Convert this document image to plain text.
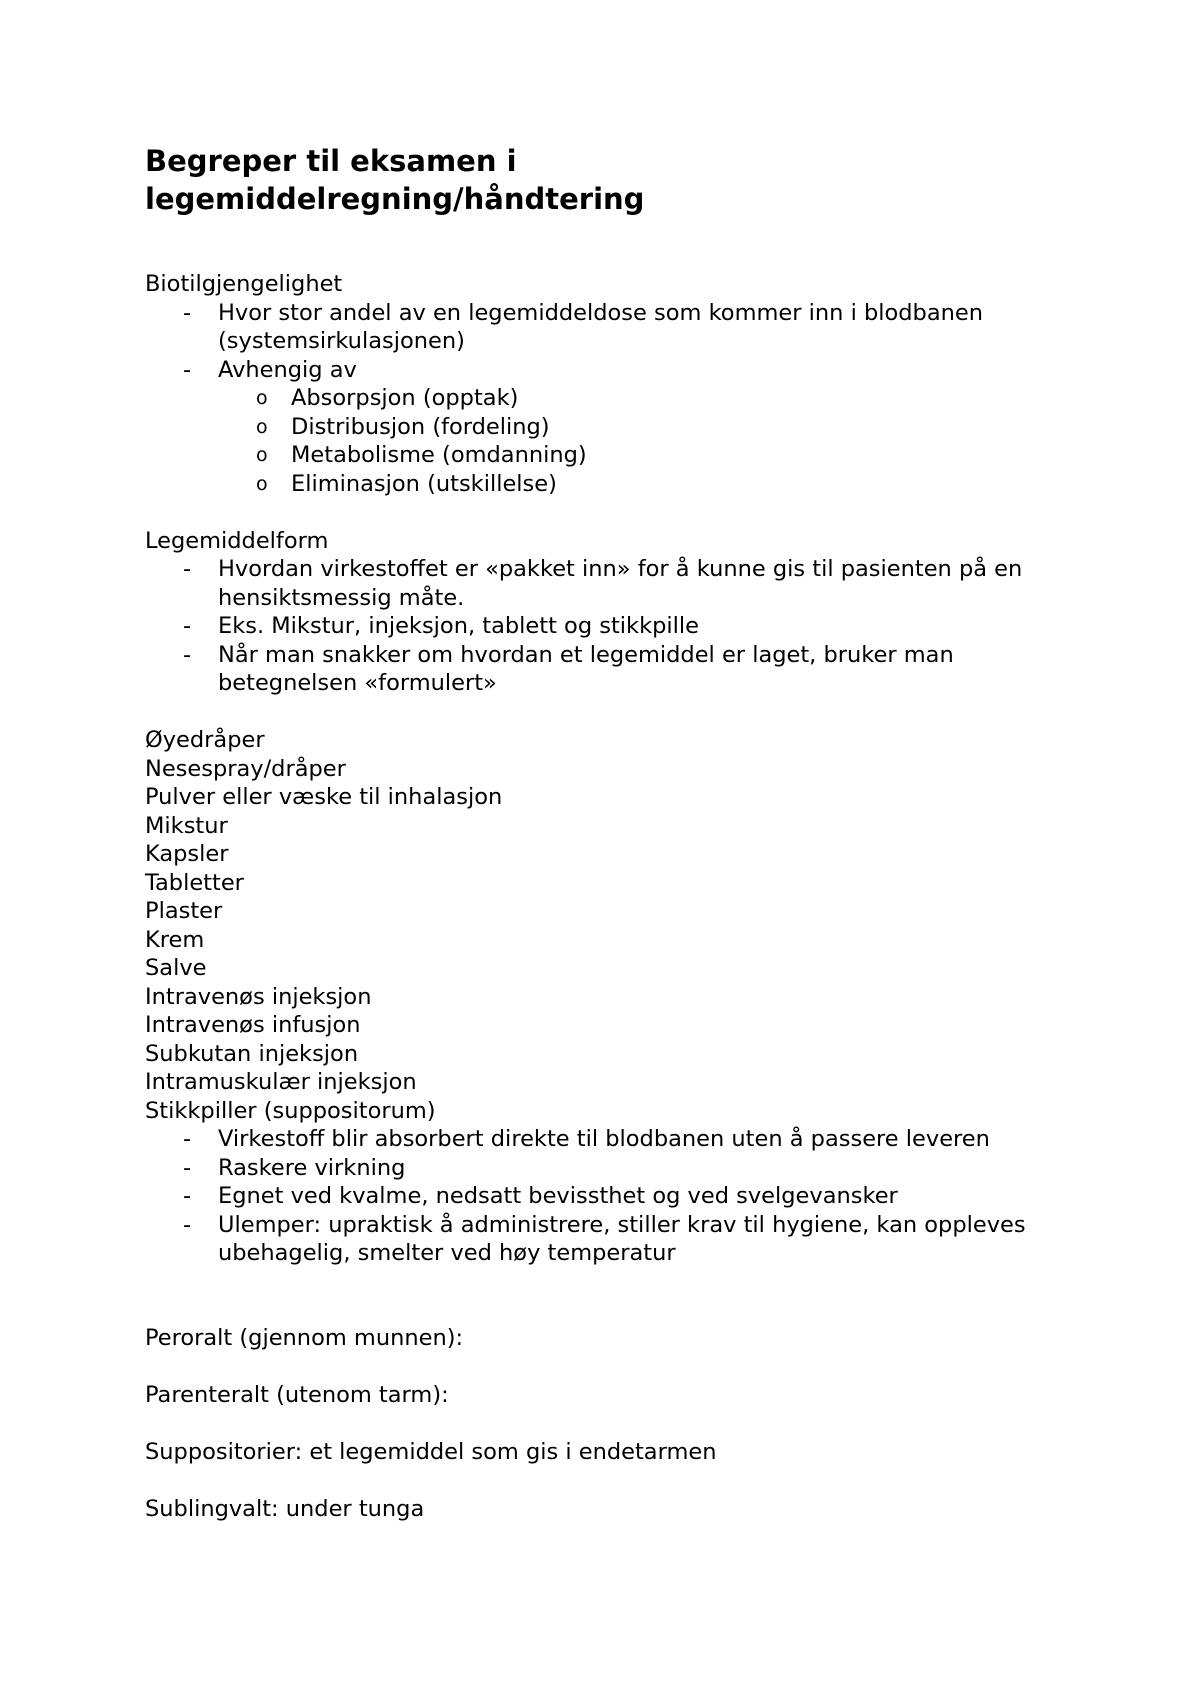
Begreper til eksamen i
legemiddelregning/håndtering
Biotilgjengelighet
- Hvor stor andel av en legemiddeldose som kommer inn i blodbanen (systemsirkulasjonen)
- Avhengig av
o Absorpsjon (opptak)
o Distribusjon (fordeling)
o Metabolisme (omdanning)
o Eliminasjon (utskillelse)
Legemiddelform
- Hvordan virkestoffet er «pakket inn» for å kunne gis til pasienten på en hensiktsmessig måte.
- Eks. Mikstur, injeksjon, tablett og stikkpille
- Når man snakker om hvordan et legemiddel er laget, bruker man betegnelsen «formulert»
Øyedråper
Nesespray/dråper
Pulver eller væske til inhalasjon
Mikstur
Kapsler
Tabletter
Plaster
Krem
Salve
Intravenøs injeksjon
Intravenøs infusjon
Subkutan injeksjon
Intramuskulær injeksjon
Stikkpiller (suppositorum)
- Virkestoff blir absorbert direkte til blodbanen uten å passere leveren
- Raskere virkning
- Egnet ved kvalme, nedsatt bevissthet og ved svelgevansker
- Ulemper: upraktisk å administrere, stiller krav til hygiene, kan oppleves ubehagelig, smelter ved høy temperatur
Peroralt (gjennom munnen):
Parenteralt (utenom tarm):
Suppositorier: et legemiddel som gis i endetarmen
Sublingvalt: under tunga
